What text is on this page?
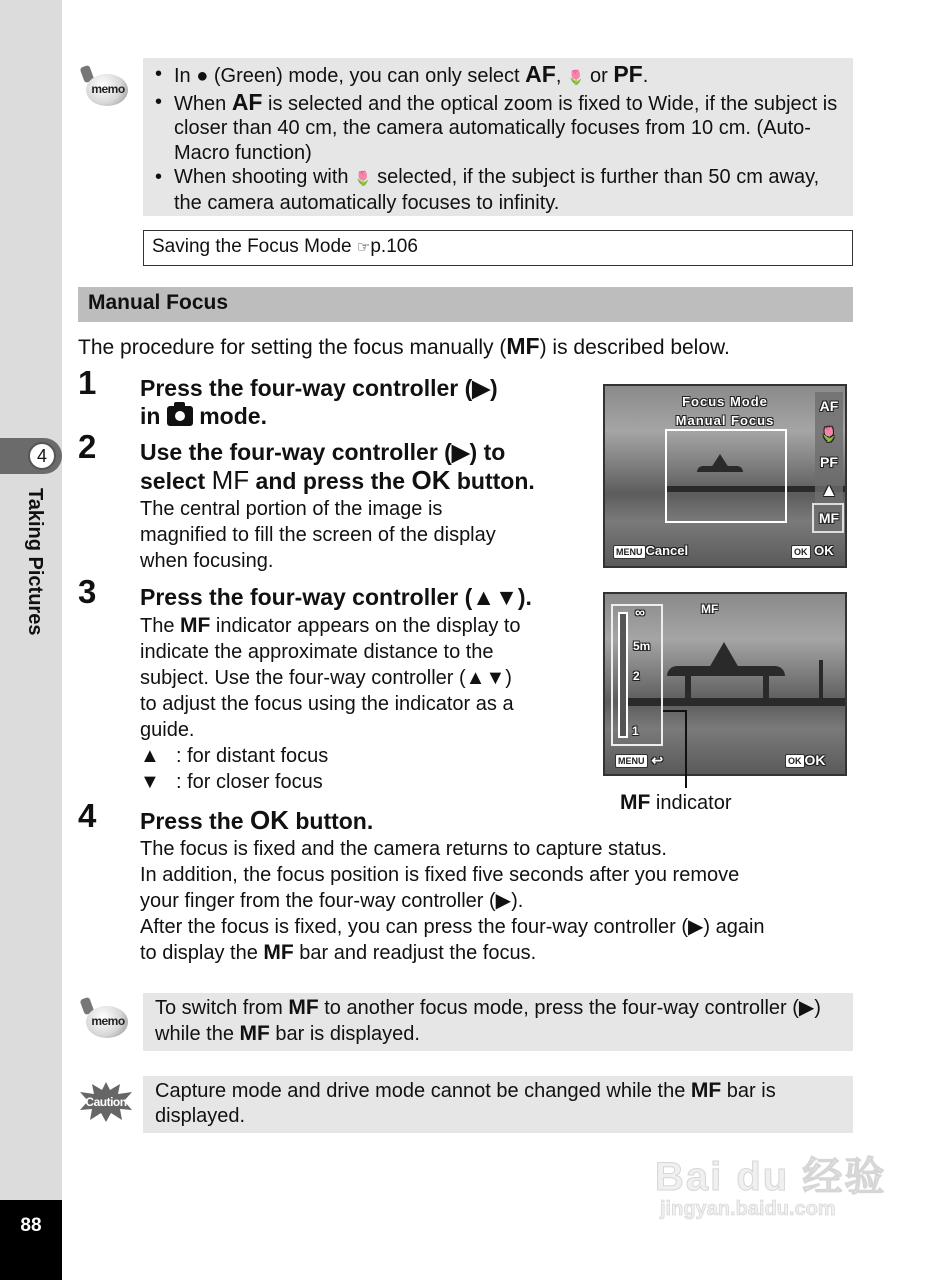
4
Taking Pictures
88
memo
• In ● (Green) mode, you can only select AF, 🌷 or PF.
• When AF is selected and the optical zoom is fixed to Wide, if the subject is closer than 40 cm, the camera automatically focuses from 10 cm. (Auto-Macro function)
• When shooting with 🌷 selected, if the subject is further than 50 cm away, the camera automatically focuses to infinity.
Saving the Focus Mode ☞p.106
Manual Focus
The procedure for setting the focus manually (MF) is described below.
1 Press the four-way controller (▶)
in
mode.
2 Use the four-way controller (▶) to
select MF and press the OK button.
The central portion of the image is
magnified to fill the screen of the display
when focusing.
3 Press the four-way controller (▲▼).
The MF indicator appears on the display to
indicate the approximate distance to the
subject. Use the four-way controller (▲▼)
to adjust the focus using the indicator as a
guide.
▲ : for distant focus
▼ : for closer focus
4 Press the OK button.
The focus is fixed and the camera returns to capture status.
In addition, the focus position is fixed five seconds after you remove
your finger from the four-way controller (▶).
After the focus is fixed, you can press the four-way controller (▶) again
to display the MF bar and readjust the focus.
Focus Mode
Manual Focus
AF
🌷
PF
▲
MF
MENU Cancel	OK OK
MF
∞
5m
2
1
MENU ↩	OK OK
MF indicator
memo
To switch from MF to another focus mode, press the four-way controller (▶) while the MF bar is displayed.
Caution	Capture mode and drive mode cannot be changed while the MF bar is displayed.
Bai du 经验
jingyan.baidu.com
